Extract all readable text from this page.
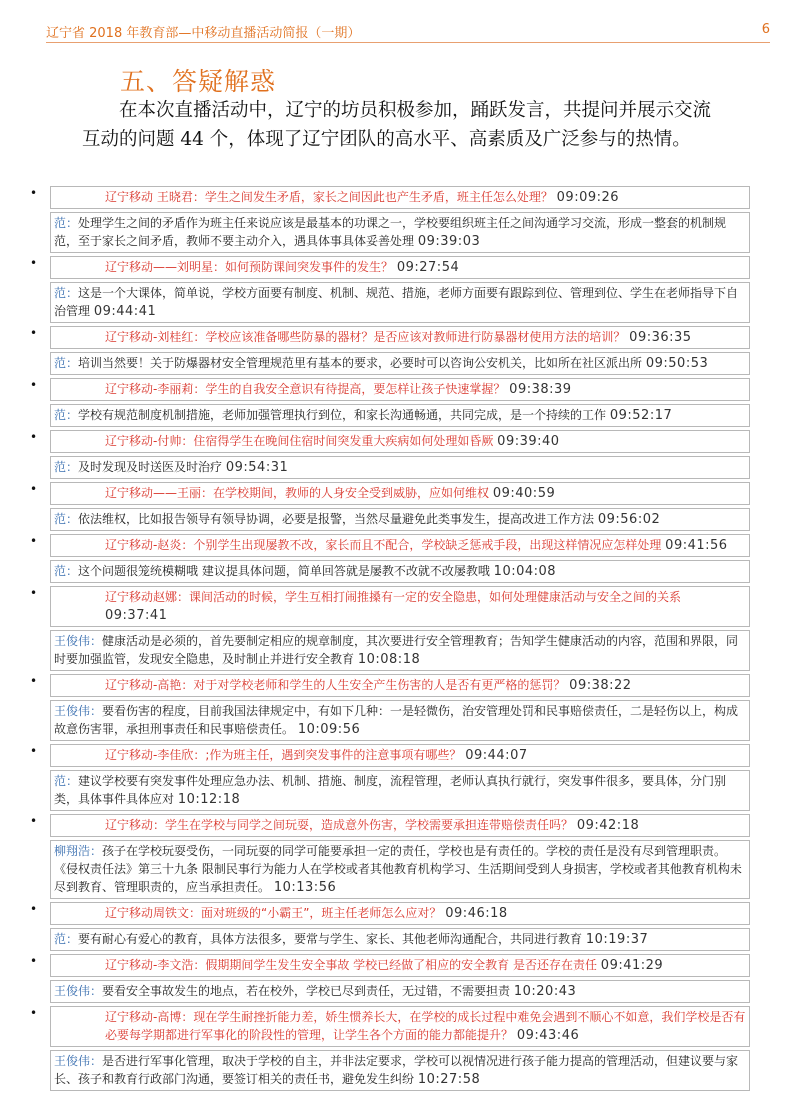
辽宁省 2018 年教育部—中移动直播活动简报（一期）	6
五、答疑解惑
在本次直播活动中，辽宁的坊员积极参加，踊跃发言，共提问并展示交流互动的问题 44 个，体现了辽宁团队的高水平、高素质及广泛参与的热情。
•	辽宁移动 王晓君：学生之间发生矛盾，家长之间因此也产生矛盾，班主任怎么处理？ 09:09:26
范：处理学生之间的矛盾作为班主任来说应该是最基本的功课之一，学校要组织班主任之间沟通学习交流，形成一整套的机制规范，至于家长之间矛盾，教师不要主动介入，遇具体事具体妥善处理 09:39:03
•	辽宁移动——刘明星：如何预防课间突发事件的发生？ 09:27:54
范：这是一个大课体，简单说，学校方面要有制度、机制、规范、措施，老师方面要有跟踪到位、管理到位、学生在老师指导下自治管理 09:44:41
•	辽宁移动-刘桂红：学校应该准备哪些防暴的器材？是否应该对教师进行防暴器材使用方法的培训？ 09:36:35
范：培训当然要！关于防爆器材安全管理规范里有基本的要求，必要时可以咨询公安机关，比如所在社区派出所 09:50:53
•	辽宁移动-李丽莉：学生的自我安全意识有待提高，要怎样让孩子快速掌握？ 09:38:39
范：学校有规范制度机制措施，老师加强管理执行到位，和家长沟通畅通，共同完成，是一个持续的工作 09:52:17
•	辽宁移动-付帅：住宿得学生在晚间住宿时间突发重大疾病如何处理如昏厥 09:39:40
范：及时发现及时送医及时治疗 09:54:31
•	辽宁移动——王丽：在学校期间，教师的人身安全受到威胁，应如何维权 09:40:59
范：依法维权，比如报告领导有领导协调，必要是报警，当然尽量避免此类事发生，提高改进工作方法 09:56:02
•	辽宁移动-赵炎：个别学生出现屡教不改，家长而且不配合，学校缺乏惩戒手段，出现这样情况应怎样处理 09:41:56
范：这个问题很笼统模糊哦 建议提具体问题，简单回答就是屡教不改就不改屡教哦 10:04:08
•	辽宁移动赵娜：课间活动的时候，学生互相打闹推搡有一定的安全隐患，如何处理健康活动与安全之间的关系 09:37:41
王俊伟：健康活动是必须的，首先要制定相应的规章制度，其次要进行安全管理教育；告知学生健康活动的内容，范围和界限，同时要加强监管，发现安全隐患，及时制止并进行安全教育 10:08:18
•	辽宁移动-高艳：对于对学校老师和学生的人生安全产生伤害的人是否有更严格的惩罚？ 09:38:22
王俊伟：要看伤害的程度，目前我国法律规定中，有如下几种：一是轻微伤，治安管理处罚和民事赔偿责任，二是轻伤以上，构成故意伤害罪，承担刑事责任和民事赔偿责任。 10:09:56
•	辽宁移动-李佳欣：;作为班主任，遇到突发事件的注意事项有哪些？ 09:44:07
范：建议学校要有突发事件处理应急办法、机制、措施、制度，流程管理，老师认真执行就行，突发事件很多，要具体，分门别类，具体事件具体应对 10:12:18
•	辽宁移动：学生在学校与同学之间玩耍，造成意外伤害，学校需要承担连带赔偿责任吗？ 09:42:18
柳翔浩：孩子在学校玩耍受伤，一同玩耍的同学可能要承担一定的责任，学校也是有责任的。学校的责任是没有尽到管理职责。 《侵权责任法》第三十九条 限制民事行为能力人在学校或者其他教育机构学习、生活期间受到人身损害，学校或者其他教育机构未尽到教育、管理职责的，应当承担责任。 10:13:56
•	辽宁移动周铁文：面对班级的“小霸王”，班主任老师怎么应对？ 09:46:18
范：要有耐心有爱心的教育，具体方法很多，要常与学生、家长、其他老师沟通配合，共同进行教育 10:19:37
•	辽宁移动-李文浩：假期期间学生发生安全事故 学校已经做了相应的安全教育 是否还存在责任 09:41:29
王俊伟：要看安全事故发生的地点，若在校外，学校已尽到责任，无过错，不需要担责 10:20:43
•	辽宁移动-高博：现在学生耐挫折能力差，娇生惯养长大，在学校的成长过程中难免会遇到不顺心不如意，我们学校是否有必要每学期都进行军事化的阶段性的管理，让学生各个方面的能力都能提升？ 09:43:46
王俊伟：是否进行军事化管理，取决于学校的自主，并非法定要求，学校可以视情况进行孩子能力提高的管理活动，但建议要与家长、孩子和教育行政部门沟通，要签订相关的责任书，避免发生纠纷 10:27:58
